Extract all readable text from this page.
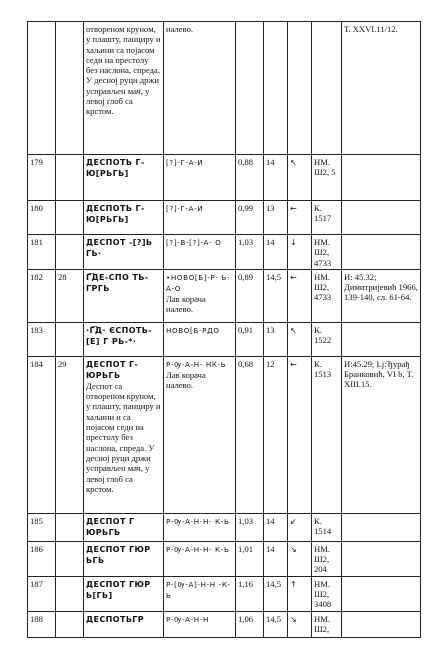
		отвореном крунoм, у плашту, панциру и хаљини са појасом седи на престолу без наслона, спреда. У десној руци држи усправљен мач, у левој глоб са крстом.	налево.					Т. XXVI.11/12.

179		ДЕСПОТЬ Г- Ю[РЬГЬ]	[?]-Г-А-И	0,88	14	↖	НМ. Ш2, 5	

180		ДЕСПОТЬ Г- Ю[РЬГЬ]	[?]-Г-А-И	0,99	13	←	К. 1517	

181		ДЕСПОТ -[?]Ь ГЬ·	[?]-В-[?]-А- О	1,03	14	↓	НМ. Ш2, 4733	

182	28	Г͠ДЕ-СПО ТЬ-ГРГЬ	•НОВО[Б]-Р- Ь-А-О
Лав корача налево.	0,89	14,5	←	НМ. Ш2, 4733	И: 45.32; Димитријевић 1966, 139-140, сл. 61-64.

183		·Г͠Д· ЄСПОТЬ-[Е] Г РЬ-*·	НОВО[Б-РДО	0,91	13	↖	К. 1522	

184	29	ДЕСПОТ Г- ЮРЬГЬ
Деспот са отвореном круном, у плашту, панциру и хаљини и са појасом седи на престолу без наслона, спреда. У десној руци држи усправљен мач, у левој глоб са крстом.	Р-Ѹ-А-Н- НК-Ь
Лав корача налево.	0,68	12	←	К. 1513	И:45.29; Lj:Ђурађ Бранковић, VI b, T. XIII.15.

185		ДЕСПОТ Г ЮРЬГЬ	Р-Ѹ-А-Н-Н- К-Ь	1,03	14	↙	К. 1514	

186		ДЕСПОТ ГЮР ЬГЬ	Р-Ѹ-А-Н-Н- К-Ь	1,01	14	↘	НМ. Ш2, 204	

187		ДЕСПОТ ГЮР Ь[ГЬ]	Р-[Ѹ-А]-Н-Н -К-Ь	1,16	14,5	↑	НМ. Ш2, 3408	

188		ДЕСПОТЬГР	Р-Ѹ-А-Н-Н	1,06	14,5	↘	НМ. Ш2,	
